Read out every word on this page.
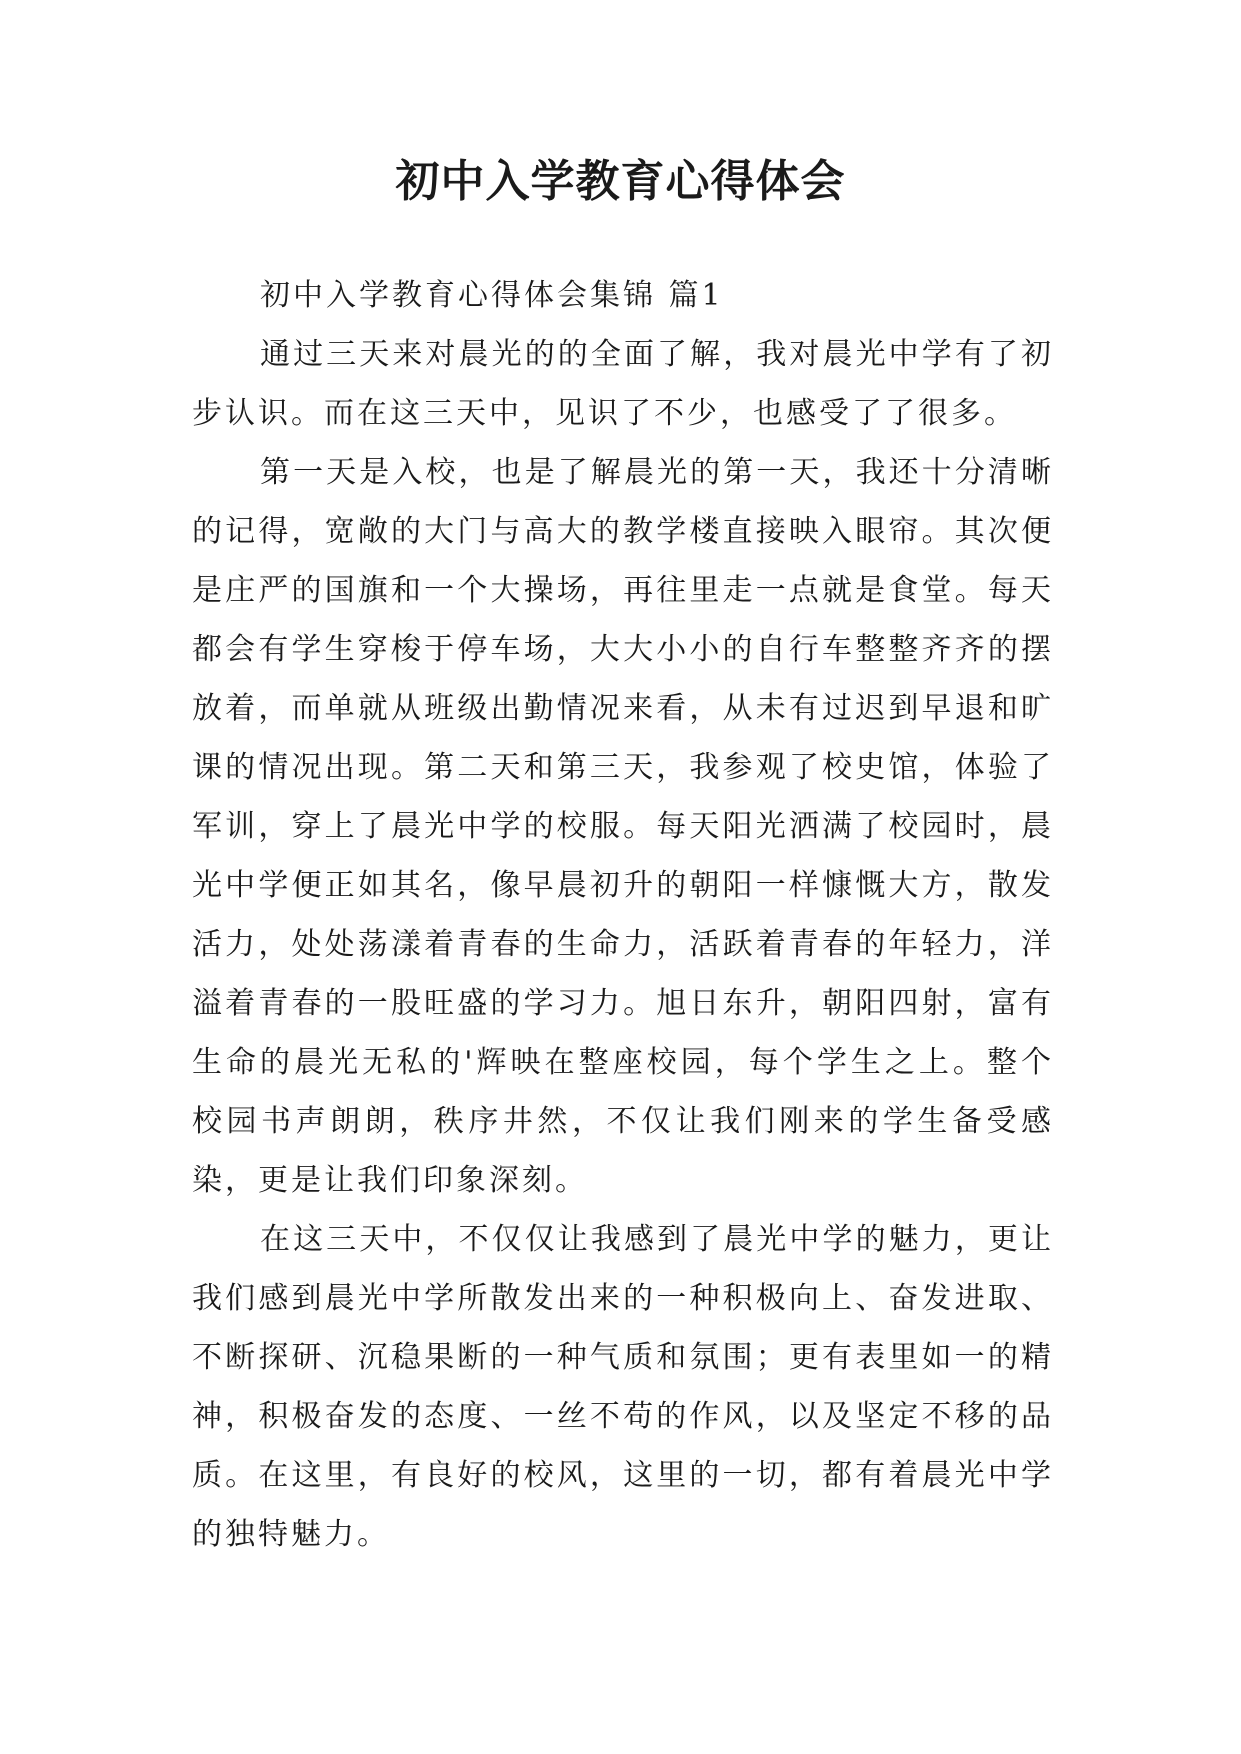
初中入学教育心得体会

初中入学教育心得体会集锦 篇1

通过三天来对晨光的的全面了解，我对晨光中学有了初步认识。而在这三天中，见识了不少，也感受了了很多。

第一天是入校，也是了解晨光的第一天，我还十分清晰的记得，宽敞的大门与高大的教学楼直接映入眼帘。其次便是庄严的国旗和一个大操场，再往里走一点就是食堂。每天都会有学生穿梭于停车场，大大小小的自行车整整齐齐的摆放着，而单就从班级出勤情况来看，从未有过迟到早退和旷课的情况出现。第二天和第三天，我参观了校史馆，体验了军训，穿上了晨光中学的校服。每天阳光洒满了校园时，晨光中学便正如其名，像早晨初升的朝阳一样慷慨大方，散发活力，处处荡漾着青春的生命力，活跃着青春的年轻力，洋溢着青春的一股旺盛的学习力。旭日东升，朝阳四射，富有生命的晨光无私的'辉映在整座校园，每个学生之上。整个校园书声朗朗，秩序井然，不仅让我们刚来的学生备受感染，更是让我们印象深刻。

在这三天中，不仅仅让我感到了晨光中学的魅力，更让我们感到晨光中学所散发出来的一种积极向上、奋发进取、不断探研、沉稳果断的一种气质和氛围；更有表里如一的精神，积极奋发的态度、一丝不苟的作风，以及坚定不移的品质。在这里，有良好的校风，这里的一切，都有着晨光中学的独特魅力。
